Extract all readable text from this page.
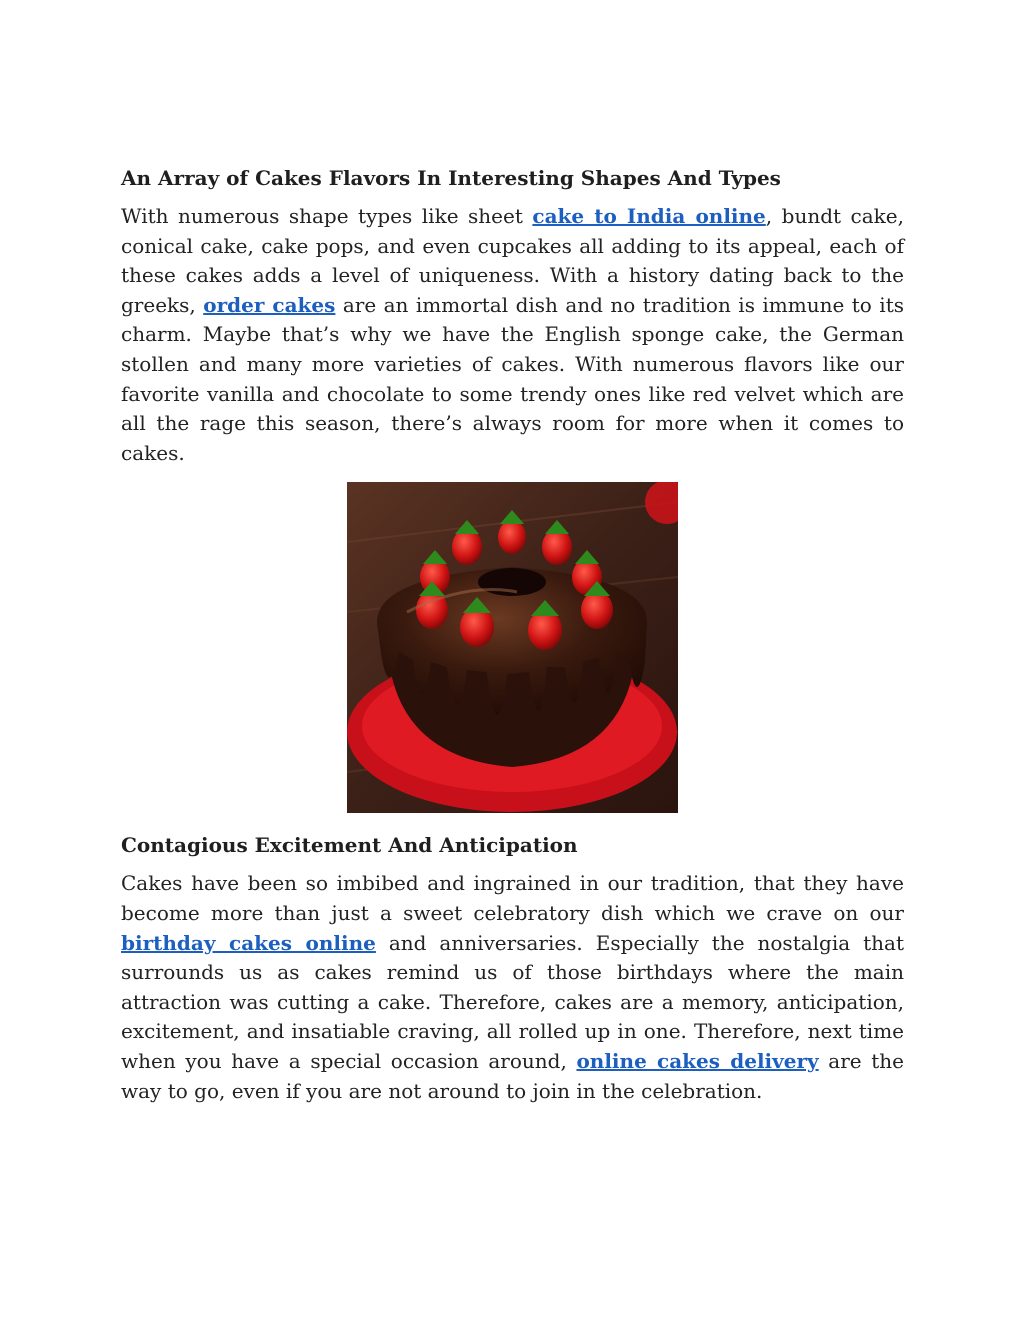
An Array of Cakes Flavors In Interesting Shapes And Types

With numerous shape types like sheet cake to India online, bundt cake, conical cake, cake pops, and even cupcakes all adding to its appeal, each of these cakes adds a level of uniqueness. With a history dating back to the greeks, order cakes are an immortal dish and no tradition is immune to its charm. Maybe that’s why we have the English sponge cake, the German stollen and many more varieties of cakes. With numerous flavors like our favorite vanilla and chocolate to some trendy ones like red velvet which are all the rage this season, there’s always room for more when it comes to cakes.

Contagious Excitement And Anticipation

Cakes have been so imbibed and ingrained in our tradition, that they have become more than just a sweet celebratory dish which we crave on our birthday cakes online and anniversaries. Especially the nostalgia that surrounds us as cakes remind us of those birthdays where the main attraction was cutting a cake. Therefore, cakes are a memory, anticipation, excitement, and insatiable craving, all rolled up in one. Therefore, next time when you have a special occasion around, online cakes delivery are the way to go, even if you are not around to join in the celebration.
